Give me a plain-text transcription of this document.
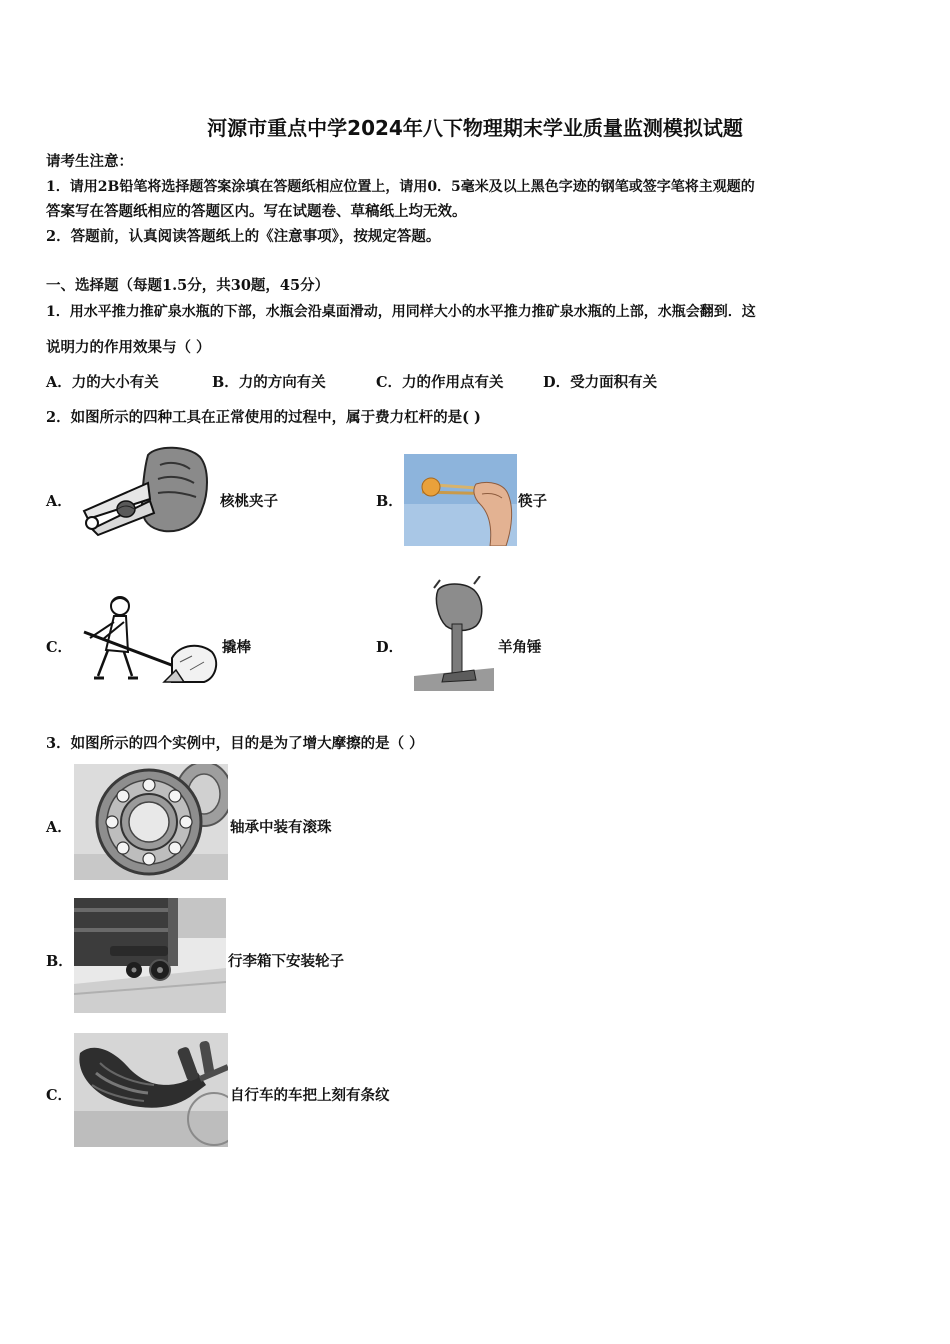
河源市重点中学2024年八下物理期末学业质量监测模拟试题
请考生注意：
1．请用2B铅笔将选择题答案涂填在答题纸相应位置上，请用0．5毫米及以上黑色字迹的钢笔或签字笔将主观题的
答案写在答题纸相应的答题区内。写在试题卷、草稿纸上均无效。
2．答题前，认真阅读答题纸上的《注意事项》，按规定答题。
一、选择题（每题1.5分，共30题，45分）
1．用水平推力推矿泉水瓶的下部，水瓶会沿桌面滑动，用同样大小的水平推力推矿泉水瓶的上部，水瓶会翻到．这
说明力的作用效果与（ ）
A．力的大小有关	B．力的方向有关	C．力的作用点有关	D．受力面积有关
2．如图所示的四种工具在正常使用的过程中，属于费力杠杆的是( )
A．	核桃夹子	B．	筷子
C．	撬棒	D．	羊角锤
3．如图所示的四个实例中，目的是为了增大摩擦的是（ ）
A．	轴承中装有滚珠
B．	行李箱下安装轮子
C．	自行车的车把上刻有条纹
